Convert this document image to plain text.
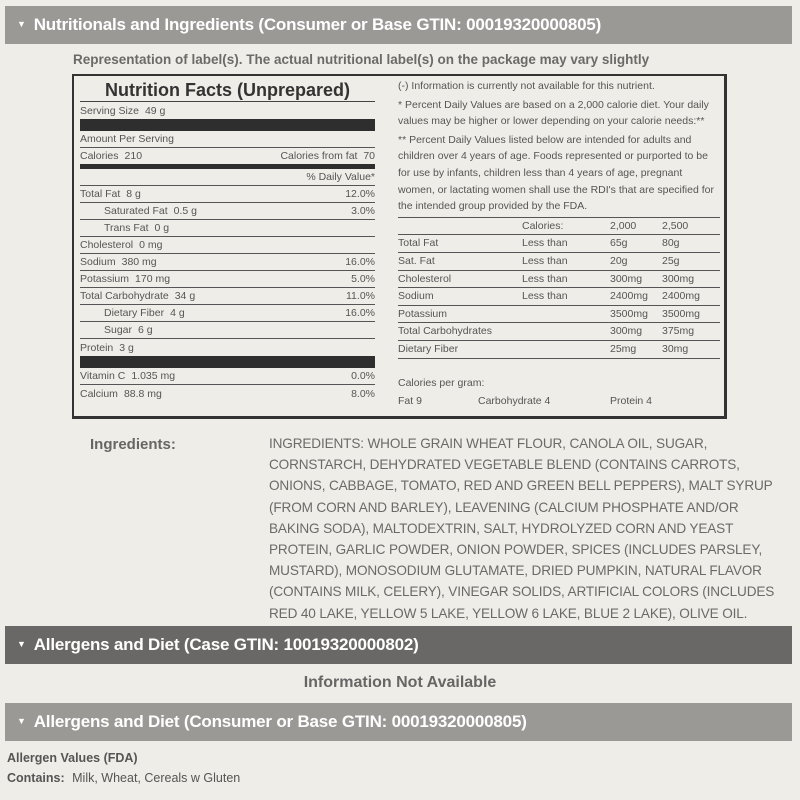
▼ Nutritionals and Ingredients (Consumer or Base GTIN: 00019320000805)
Representation of label(s). The actual nutritional label(s) on the package may vary slightly
Nutrition Facts (Unprepared)
Serving Size 49 g
Amount Per Serving
Calories 210	Calories from fat 70
% Daily Value*
Total Fat 8 g	12.0%
Saturated Fat 0.5 g	3.0%
Trans Fat 0 g
Cholesterol 0 mg
Sodium 380 mg	16.0%
Potassium 170 mg	5.0%
Total Carbohydrate 34 g	11.0%
Dietary Fiber 4 g	16.0%
Sugar 6 g
Protein 3 g
Vitamin C 1.035 mg	0.0%
Calcium 88.8 mg	8.0%

(-) Information is currently not available for this nutrient.

* Percent Daily Values are based on a 2,000 calorie diet. Your daily values may be higher or lower depending on your calorie needs:**

** Percent Daily Values listed below are intended for adults and children over 4 years of age. Foods represented or purported to be for use by infants, children less than 4 years of age, pregnant women, or lactating women shall use the RDI's that are specified for the intended group provided by the FDA.

	Calories:	2,000	2,500
Total Fat	Less than	65g	80g
Sat. Fat	Less than	20g	25g
Cholesterol	Less than	300mg	300mg
Sodium	Less than	2400mg	2400mg
Potassium		3500mg	3500mg
Total Carbohydrates		300mg	375mg
Dietary Fiber		25mg	30mg
Calories per gram:
Fat 9	Carbohydrate 4	Protein 4
Ingredients:	INGREDIENTS: WHOLE GRAIN WHEAT FLOUR, CANOLA OIL, SUGAR, CORNSTARCH, DEHYDRATED VEGETABLE BLEND (CONTAINS CARROTS, ONIONS, CABBAGE, TOMATO, RED AND GREEN BELL PEPPERS), MALT SYRUP (FROM CORN AND BARLEY), LEAVENING (CALCIUM PHOSPHATE AND/OR BAKING SODA), MALTODEXTRIN, SALT, HYDROLYZED CORN AND YEAST PROTEIN, GARLIC POWDER, ONION POWDER, SPICES (INCLUDES PARSLEY, MUSTARD), MONOSODIUM GLUTAMATE, DRIED PUMPKIN, NATURAL FLAVOR (CONTAINS MILK, CELERY), VINEGAR SOLIDS, ARTIFICIAL COLORS (INCLUDES RED 40 LAKE, YELLOW 5 LAKE, YELLOW 6 LAKE, BLUE 2 LAKE), OLIVE OIL.
▼ Allergens and Diet (Case GTIN: 10019320000802)
Information Not Available
▼ Allergens and Diet (Consumer or Base GTIN: 00019320000805)
Allergen Values (FDA)
Contains: Milk, Wheat, Cereals w Gluten
